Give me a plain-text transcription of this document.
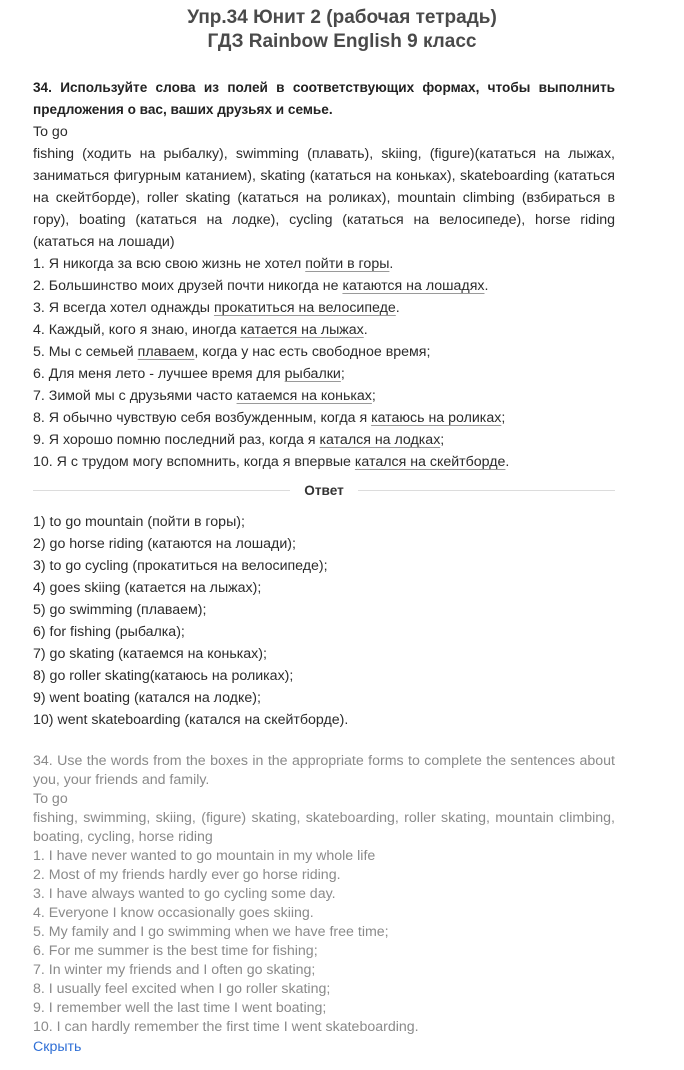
Упр.34 Юнит 2 (рабочая тетрадь)
ГДЗ Rainbow English 9 класс
34. Используйте слова из полей в соответствующих формах, чтобы выполнить предложения о вас, ваших друзьях и семье.

To go

fishing (ходить на рыбалку), swimming (плавать), skiing, (figure)(кататься на лыжах, заниматься фигурным катанием), skating (кататься на коньках), skateboarding (кататься на скейтборде), roller skating (кататься на роликах), mountain climbing (взбираться в гору), boating (кататься на лодке), cycling (кататься на велосипеде), horse riding (кататься на лошади)

1. Я никогда за всю свою жизнь не хотел пойти в горы.

2. Большинство моих друзей почти никогда не катаются на лошадях.

3. Я всегда хотел однажды прокатиться на велосипеде.

4. Каждый, кого я знаю, иногда катается на лыжах.

5. Мы с семьей плаваем, когда у нас есть свободное время;

6. Для меня лето - лучшее время для рыбалки;

7. Зимой мы с друзьями часто катаемся на коньках;

8. Я обычно чувствую себя возбужденным, когда я катаюсь на роликах;

9. Я хорошо помню последний раз, когда я катался на лодках;

10. Я с трудом могу вспомнить, когда я впервые катался на скейтборде.

Ответ

1) to go mountain (пойти в горы);

2) go horse riding (катаются на лошади);

3) to go cycling (прокатиться на велосипеде);

4) goes skiing (катается на лыжах);

5) go swimming (плаваем);

6) for fishing (рыбалка);

7) go skating (катаемся на коньках);

8) go roller skating(катаюсь на роликах);

9) went boating (катался на лодке);

10) went skateboarding (катался на скейтборде).

34. Use the words from the boxes in the appropriate forms to complete the sentences about you, your friends and family.

To go

fishing, swimming, skiing, (figure) skating, skateboarding, roller skating, mountain climbing, boating, cycling, horse riding

1. I have never wanted to go mountain in my whole life

2. Most of my friends hardly ever go horse riding.

3. I have always wanted to go cycling some day.

4. Everyone I know occasionally goes skiing.

5. My family and I go swimming when we have free time;

6. For me summer is the best time for fishing;

7. In winter my friends and I often go skating;

8. I usually feel excited when I go roller skating;

9. I remember well the last time I went boating;

10. I can hardly remember the first time I went skateboarding.

Скрыть
